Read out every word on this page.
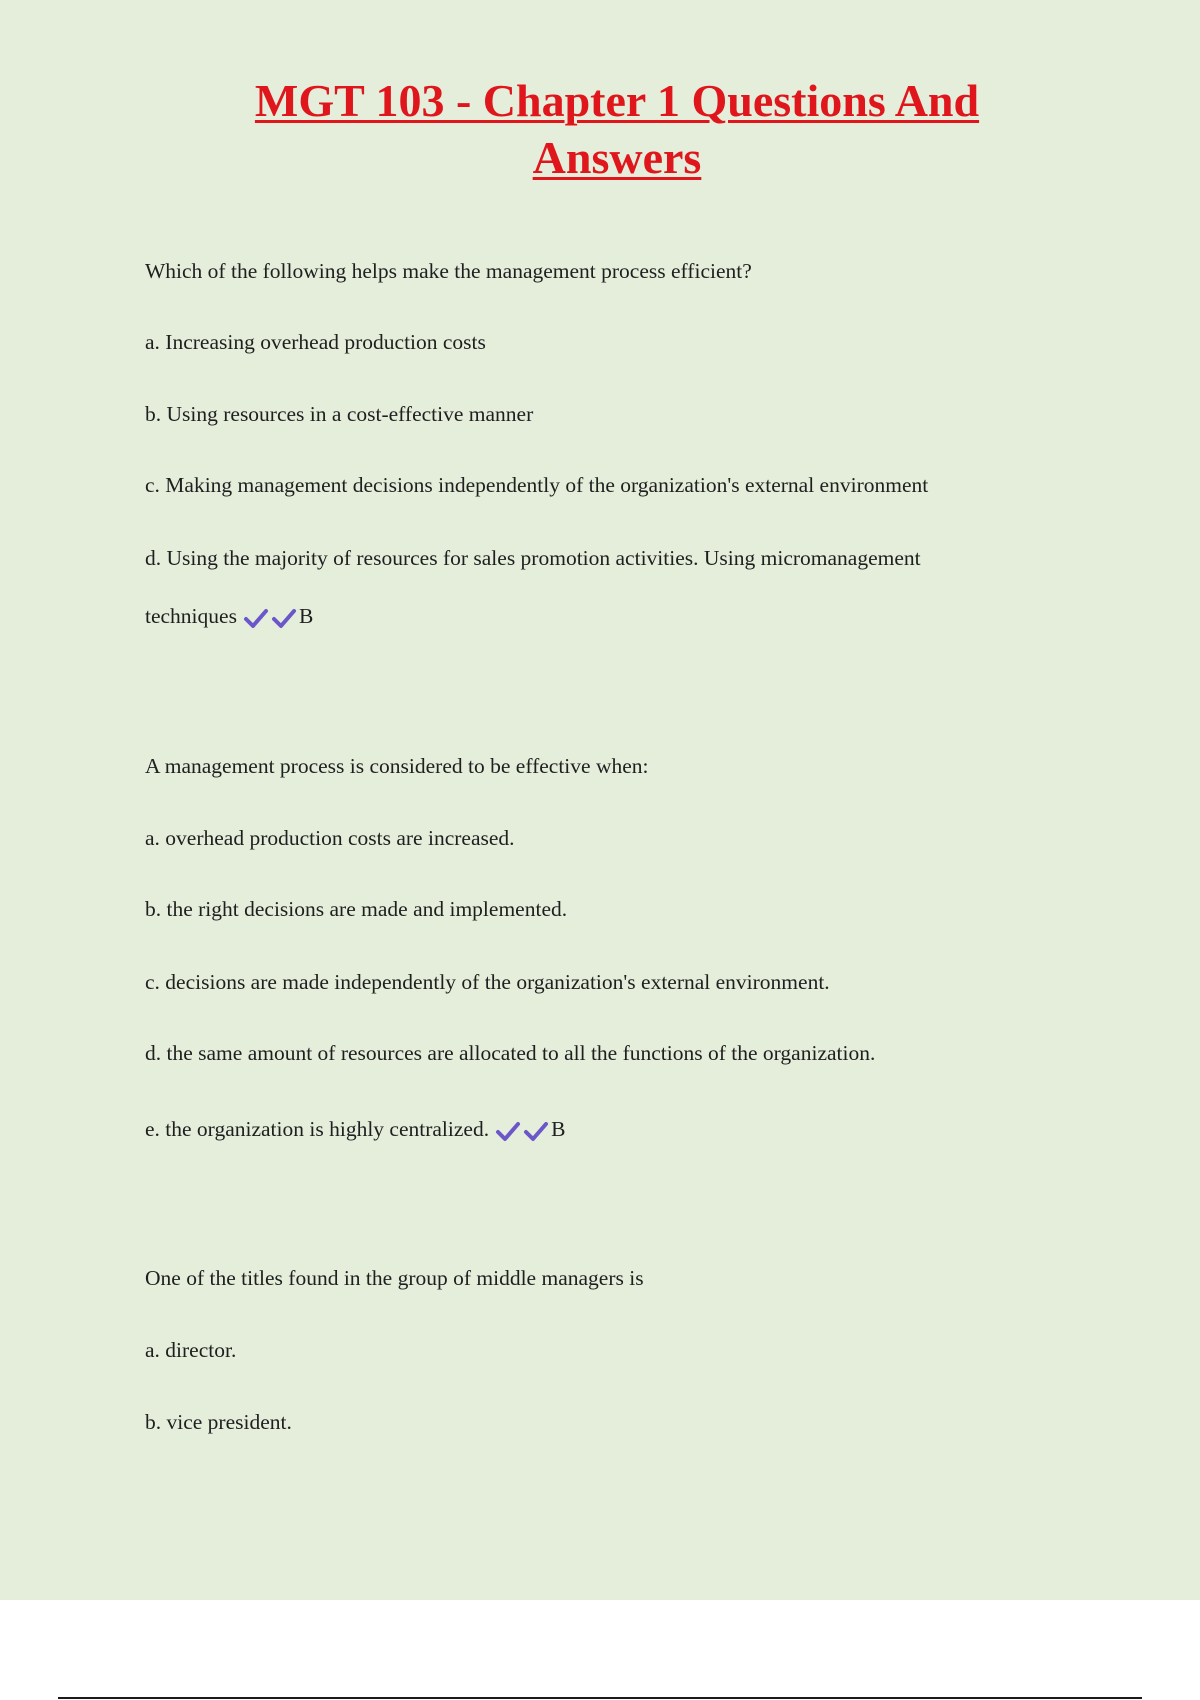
MGT 103 - Chapter 1 Questions And
Answers

Which of the following helps make the management process efficient?

a. Increasing overhead production costs

b. Using resources in a cost-effective manner

c. Making management decisions independently of the organization's external environment

d. Using the majority of resources for sales promotion activities. Using micromanagement

techniques	B

A management process is considered to be effective when:

a. overhead production costs are increased.

b. the right decisions are made and implemented.

c. decisions are made independently of the organization's external environment.

d. the same amount of resources are allocated to all the functions of the organization.

e. the organization is highly centralized.	B

One of the titles found in the group of middle managers is

a. director.

b. vice president.
